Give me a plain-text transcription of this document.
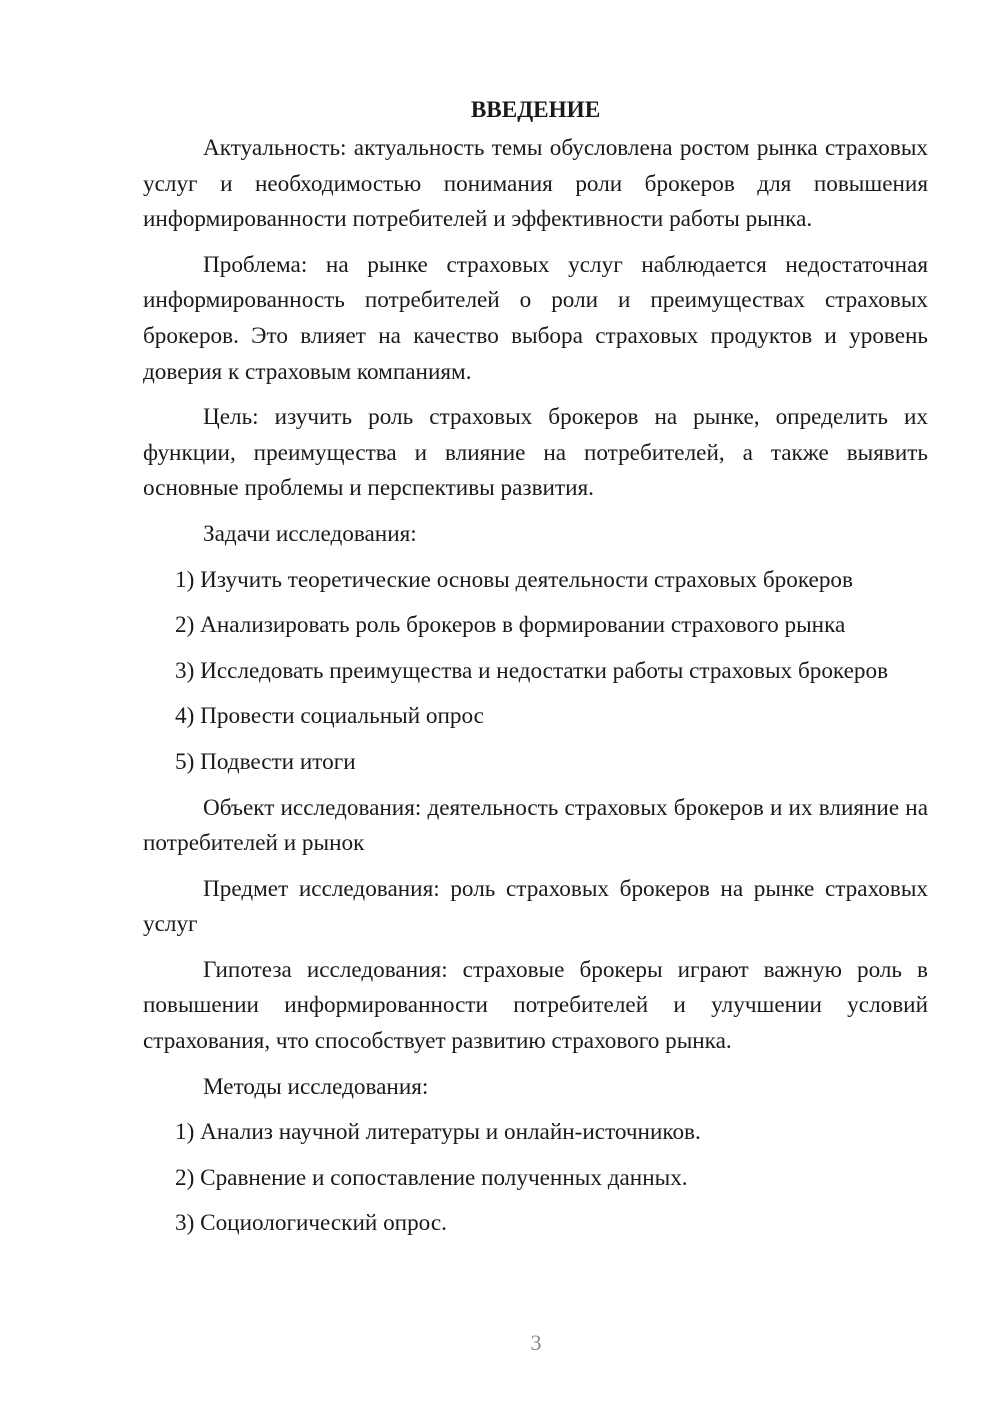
ВВЕДЕНИЕ

Актуальность: актуальность темы обусловлена ростом рынка страховых услуг и необходимостью понимания роли брокеров для повышения информированности потребителей и эффективности работы рынка.

Проблема: на рынке страховых услуг наблюдается недостаточная информированность потребителей о роли и преимуществах страховых брокеров. Это влияет на качество выбора страховых продуктов и уровень доверия к страховым компаниям.

Цель: изучить роль страховых брокеров на рынке, определить их функции, преимущества и влияние на потребителей, а также выявить основные проблемы и перспективы развития.

Задачи исследования:

1) Изучить теоретические основы деятельности страховых брокеров

2) Анализировать роль брокеров в формировании страхового рынка

3) Исследовать преимущества и недостатки работы страховых брокеров

4) Провести социальный опрос

5) Подвести итоги

Объект исследования: деятельность страховых брокеров и их влияние на потребителей и рынок

Предмет исследования: роль страховых брокеров на рынке страховых услуг

Гипотеза исследования: страховые брокеры играют важную роль в повышении информированности потребителей и улучшении условий страхования, что способствует развитию страхового рынка.

Методы исследования:

1) Анализ научной литературы и онлайн-источников.

2) Сравнение и сопоставление полученных данных.

3) Социологический опрос.

3
